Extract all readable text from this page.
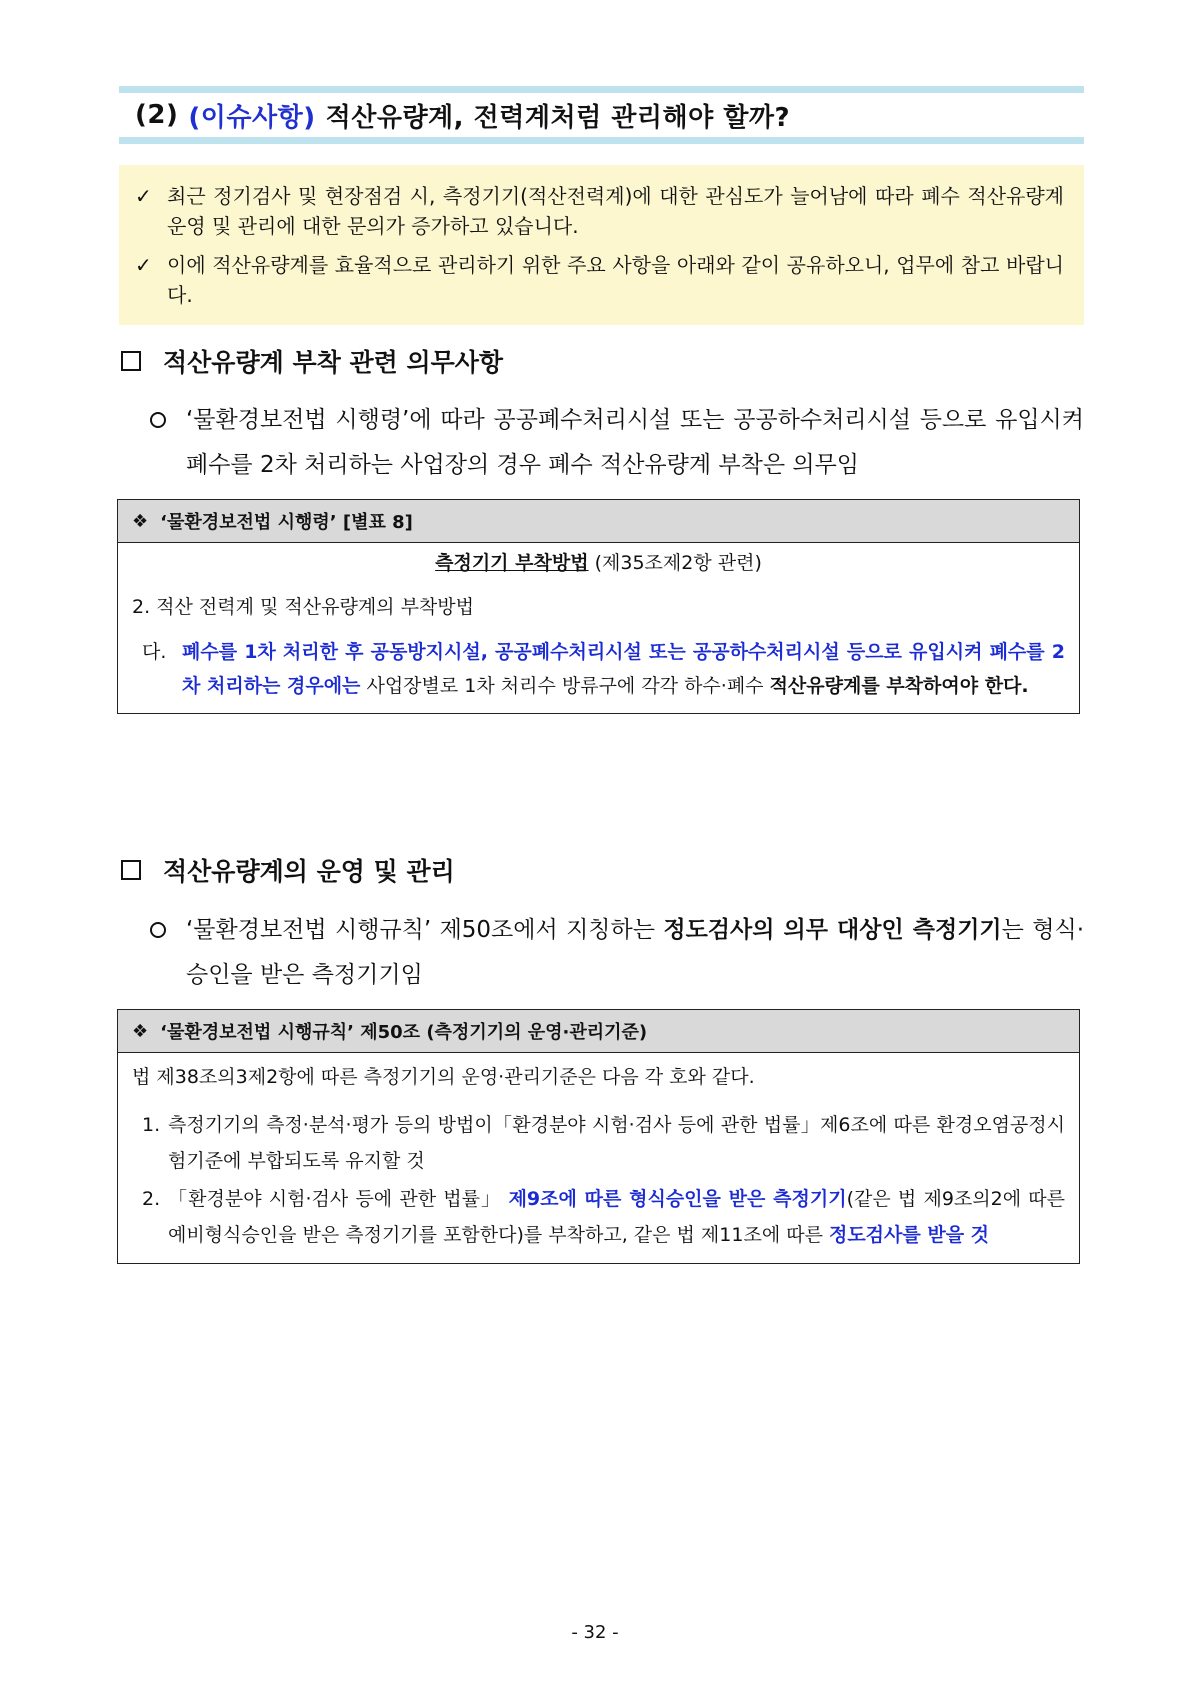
(2) (이슈사항) 적산유량계, 전력계처럼 관리해야 할까?
✓ 최근 정기검사 및 현장점검 시, 측정기기(적산전력계)에 대한 관심도가 늘어남에 따라 폐수 적산유량계 운영 및 관리에 대한 문의가 증가하고 있습니다.
✓ 이에 적산유량계를 효율적으로 관리하기 위한 주요 사항을 아래와 같이 공유하오니, 업무에 참고 바랍니다.
적산유량계 부착 관련 의무사항
‘물환경보전법 시행령’에 따라 공공폐수처리시설 또는 공공하수처리시설 등으로 유입시켜 폐수를 2차 처리하는 사업장의 경우 폐수 적산유량계 부착은 의무임
❖ ‘물환경보전법 시행령’ [별표 8]
측정기기 부착방법 (제35조제2항 관련)
2. 적산 전력계 및 적산유량계의 부착방법
다. 폐수를 1차 처리한 후 공동방지시설, 공공폐수처리시설 또는 공공하수처리시설 등으로 유입시켜 폐수를 2차 처리하는 경우에는 사업장별로 1차 처리수 방류구에 각각 하수·폐수 적산유량계를 부착하여야 한다.
적산유량계의 운영 및 관리
‘물환경보전법 시행규칙’ 제50조에서 지칭하는 정도검사의 의무 대상인 측정기기는 형식·승인을 받은 측정기기임
❖ ‘물환경보전법 시행규칙’ 제50조 (측정기기의 운영·관리기준)
법 제38조의3제2항에 따른 측정기기의 운영·관리기준은 다음 각 호와 같다.
1. 측정기기의 측정·분석·평가 등의 방법이「환경분야 시험·검사 등에 관한 법률」제6조에 따른 환경오염공정시험기준에 부합되도록 유지할 것
2. 「환경분야 시험·검사 등에 관한 법률」 제9조에 따른 형식승인을 받은 측정기기(같은 법 제9조의2에 따른 예비형식승인을 받은 측정기기를 포함한다)를 부착하고, 같은 법 제11조에 따른 정도검사를 받을 것
- 32 -
